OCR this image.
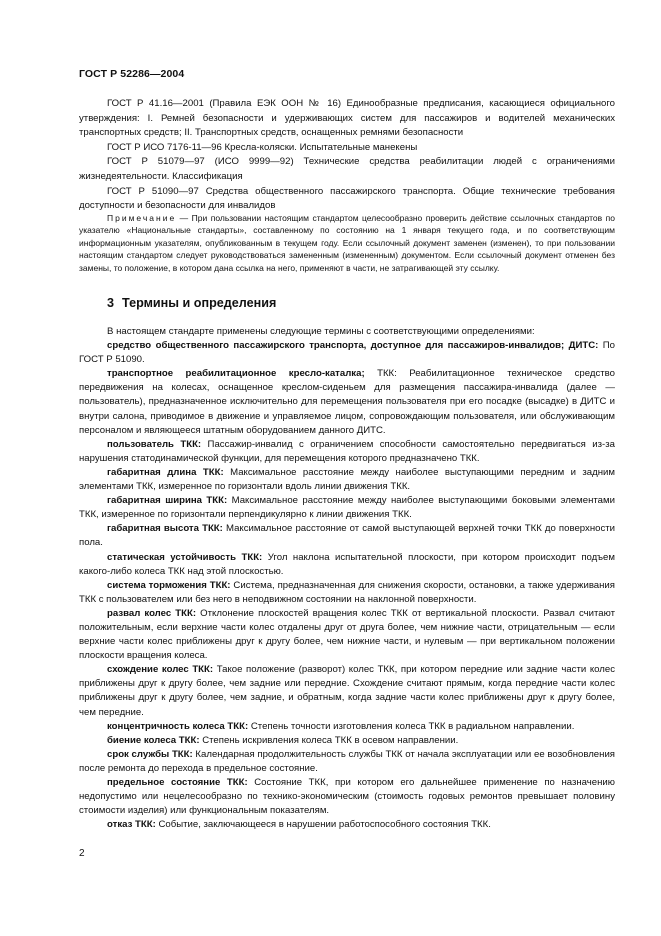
ГОСТ Р 52286—2004

ГОСТ Р 41.16—2001 (Правила ЕЭК ООН № 16) Единообразные предписания, касающиеся официального утверждения: I. Ремней безопасности и удерживающих систем для пассажиров и водителей механических транспортных средств; II. Транспортных средств, оснащенных ремнями безопасности

ГОСТ Р ИСО 7176-11—96 Кресла-коляски. Испытательные манекены

ГОСТ Р 51079—97 (ИСО 9999—92) Технические средства реабилитации людей с ограничениями жизнедеятельности. Классификация

ГОСТ Р 51090—97 Средства общественного пассажирского транспорта. Общие технические требования доступности и безопасности для инвалидов

Примечание — При пользовании настоящим стандартом целесообразно проверить действие ссылочных стандартов по указателю «Национальные стандарты», составленному по состоянию на 1 января текущего года, и по соответствующим информационным указателям, опубликованным в текущем году. Если ссылочный документ заменен (изменен), то при пользовании настоящим стандартом следует руководствоваться замененным (измененным) документом. Если ссылочный документ отменен без замены, то положение, в котором дана ссылка на него, применяют в части, не затрагивающей эту ссылку.

3 Термины и определения

В настоящем стандарте применены следующие термины с соответствующими определениями:

средство общественного пассажирского транспорта, доступное для пассажиров-инвалидов; ДИТС: По ГОСТ Р 51090.

транспортное реабилитационное кресло-каталка; ТКК: Реабилитационное техническое средство передвижения на колесах, оснащенное креслом-сиденьем для размещения пассажира-инвалида (далее — пользователь), предназначенное исключительно для перемещения пользователя при его посадке (высадке) в ДИТС и внутри салона, приводимое в движение и управляемое лицом, сопровождающим пользователя, или обслуживающим персоналом и являющееся штатным оборудованием данного ДИТС.

пользователь ТКК: Пассажир-инвалид с ограничением способности самостоятельно передвигаться из-за нарушения статодинамической функции, для перемещения которого предназначено ТКК.

габаритная длина ТКК: Максимальное расстояние между наиболее выступающими передним и задним элементами ТКК, измеренное по горизонтали вдоль линии движения ТКК.

габаритная ширина ТКК: Максимальное расстояние между наиболее выступающими боковыми элементами ТКК, измеренное по горизонтали перпендикулярно к линии движения ТКК.

габаритная высота ТКК: Максимальное расстояние от самой выступающей верхней точки ТКК до поверхности пола.

статическая устойчивость ТКК: Угол наклона испытательной плоскости, при котором происходит подъем какого-либо колеса ТКК над этой плоскостью.

система торможения ТКК: Система, предназначенная для снижения скорости, остановки, а также удерживания ТКК с пользователем или без него в неподвижном состоянии на наклонной поверхности.

развал колес ТКК: Отклонение плоскостей вращения колес ТКК от вертикальной плоскости. Развал считают положительным, если верхние части колес отдалены друг от друга более, чем нижние части, отрицательным — если верхние части колес приближены друг к другу более, чем нижние части, и нулевым — при вертикальном положении плоскости вращения колеса.

схождение колес ТКК: Такое положение (разворот) колес ТКК, при котором передние или задние части колес приближены друг к другу более, чем задние или передние. Схождение считают прямым, когда передние части колес приближены друг к другу более, чем задние, и обратным, когда задние части колес приближены друг к другу более, чем передние.

концентричность колеса ТКК: Степень точности изготовления колеса ТКК в радиальном направлении.

биение колеса ТКК: Степень искривления колеса ТКК в осевом направлении.

срок службы ТКК: Календарная продолжительность службы ТКК от начала эксплуатации или ее возобновления после ремонта до перехода в предельное состояние.

предельное состояние ТКК: Состояние ТКК, при котором его дальнейшее применение по назначению недопустимо или нецелесообразно по технико-экономическим (стоимость годовых ремонтов превышает половину стоимости изделия) или функциональным показателям.

отказ ТКК: Событие, заключающееся в нарушении работоспособного состояния ТКК.

2
